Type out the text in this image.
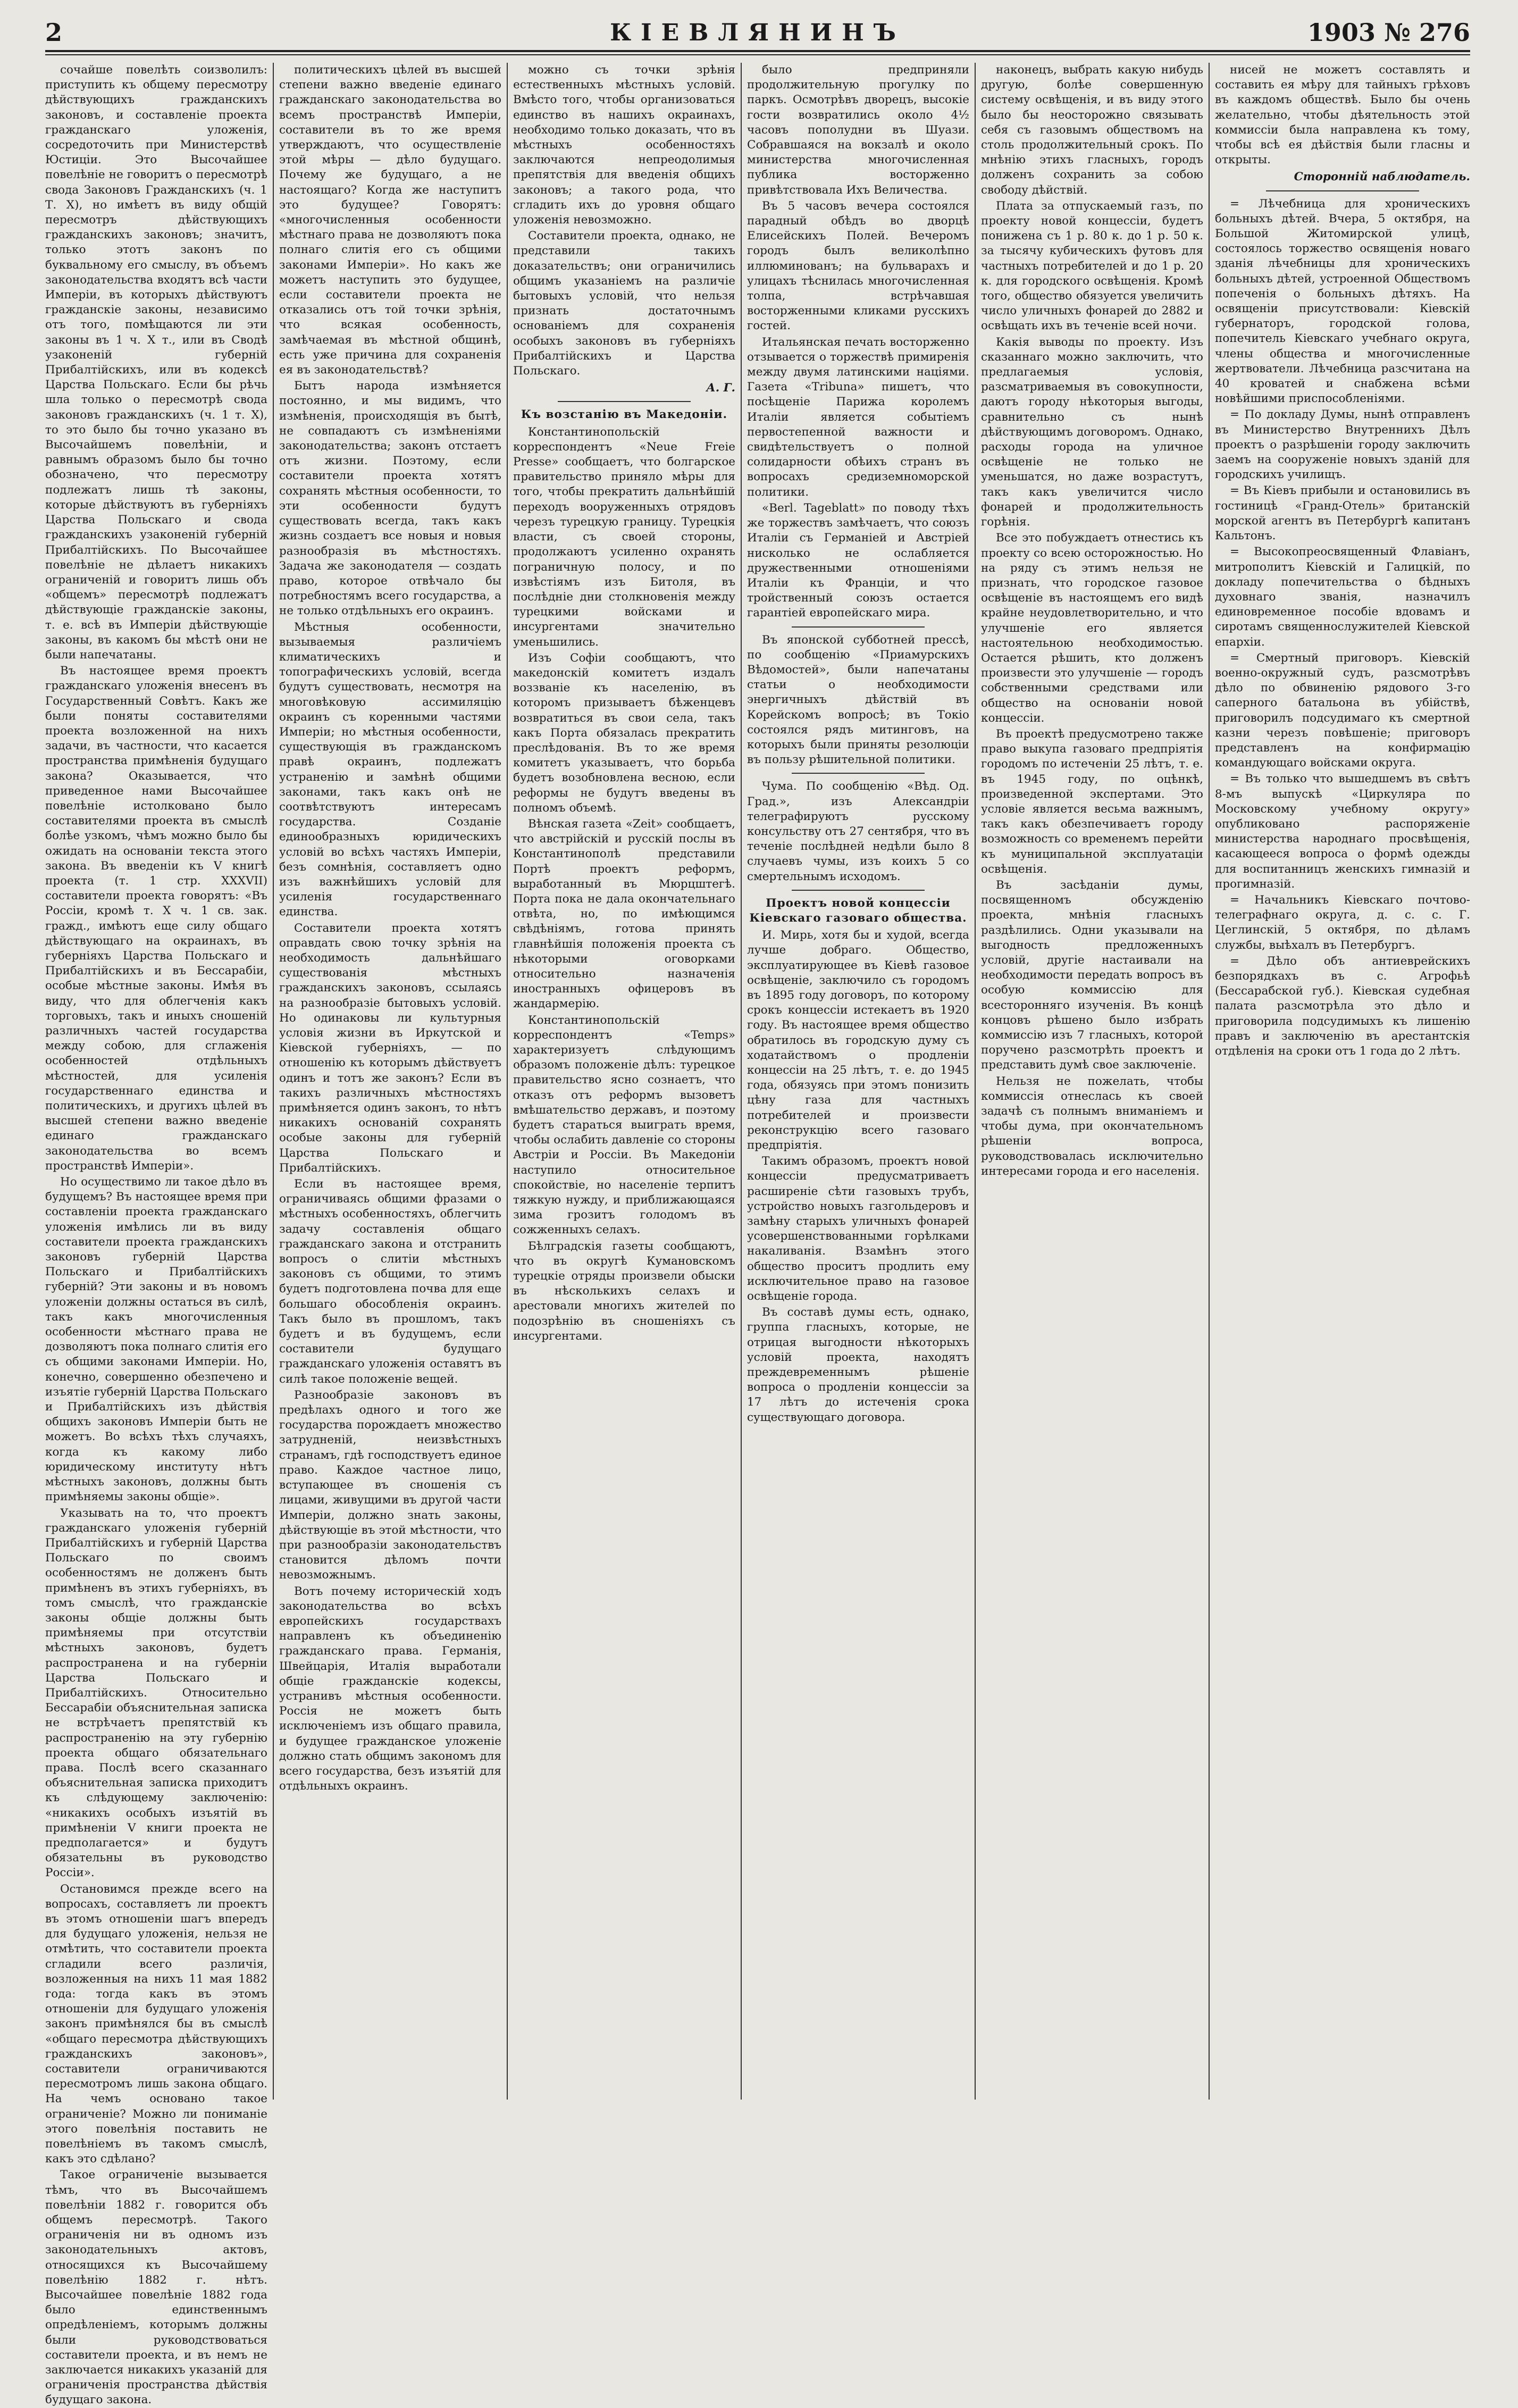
2	КІЕВЛЯНИНЪ	1903 № 276

сочайше повелѣть соизволилъ: приступить къ общему пересмотру дѣйствующихъ гражданскихъ законовъ, и составленіе проекта гражданскаго уложенія, сосредоточить при Министерствѣ Юстиціи. Это Высочайшее повелѣніе не говоритъ о пересмотрѣ свода Законовъ Гражданскихъ (ч. 1 Т. X), но имѣетъ въ виду общій пересмотръ дѣйствующихъ гражданскихъ законовъ; значитъ, только этотъ законъ по буквальному его смыслу, въ объемъ законодательства входятъ всѣ части Имперіи, въ которыхъ дѣйствуютъ гражданскіе законы, независимо отъ того, помѣщаются ли эти законы въ 1 ч. X т., или въ Сводѣ узаконеній губерній Прибалтійскихъ, или въ кодексѣ Царства Польскаго. Если бы рѣчь шла только о пересмотрѣ свода законовъ гражданскихъ (ч. 1 т. X), то это было бы точно указано въ Высочайшемъ повелѣніи, и равнымъ образомъ было бы точно обозначено, что пересмотру подлежатъ лишь тѣ законы, которые дѣйствуютъ въ губерніяхъ Царства Польскаго и свода гражданскихъ узаконеній губерній Прибалтійскихъ. По Высочайшее повелѣніе не дѣлаетъ никакихъ ограниченій и говоритъ лишь объ «общемъ» пересмотрѣ подлежатъ дѣйствующіе гражданскіе законы, т. е. всѣ въ Имперіи дѣйствующіе законы, въ какомъ бы мѣстѣ они не были напечатаны.

Въ настоящее время проектъ гражданскаго уложенія внесенъ въ Государственный Совѣтъ. Какъ же были поняты составителями проекта возложенной на нихъ задачи, въ частности, что касается пространства примѣненія будущаго закона? Оказывается, что приведенное нами Высочайшее повелѣніе истолковано было составителями проекта въ смыслѣ болѣе узкомъ, чѣмъ можно было бы ожидать на основаніи текста этого закона. Въ введеніи къ V книгѣ проекта (т. 1 стр. XXXVII) составители проекта говорятъ: «Въ Россіи, кромѣ т. X ч. 1 св. зак. гражд., имѣютъ еще силу общаго дѣйствующаго на окраинахъ, въ губерніяхъ Царства Польскаго и Прибалтійскихъ и въ Бессарабіи, особые мѣстные законы. Имѣя въ виду, что для облегченія какъ торговыхъ, такъ и иныхъ сношеній различныхъ частей государства между собою, для сглаженія особенностей отдѣльныхъ мѣстностей, для усиленія государственнаго единства и политическихъ, и другихъ цѣлей въ высшей степени важно введеніе единаго гражданскаго законодательства во всемъ пространствѣ Имперіи».

Но осуществимо ли такое дѣло въ будущемъ? Въ настоящее время при составленіи проекта гражданскаго уложенія имѣлись ли въ виду составители проекта гражданскихъ законовъ губерній Царства Польскаго и Прибалтійскихъ губерній? Эти законы и въ новомъ уложеніи должны остаться въ силѣ, такъ какъ многочисленныя особенности мѣстнаго права не дозволяютъ пока полнаго слитія его съ общими законами Имперіи. Но, конечно, совершенно обезпечено и изъятіе губерній Царства Польскаго и Прибалтійскихъ изъ дѣйствія общихъ законовъ Имперіи быть не можетъ. Во всѣхъ тѣхъ случаяхъ, когда къ какому либо юридическому институту нѣтъ мѣстныхъ законовъ, должны быть примѣняемы законы общіе».

Указывать на то, что проектъ гражданскаго уложенія губерній Прибалтійскихъ и губерній Царства Польскаго по своимъ особенностямъ не долженъ быть примѣненъ въ этихъ губерніяхъ, въ томъ смыслѣ, что гражданскіе законы общіе должны быть примѣняемы при отсутствіи мѣстныхъ законовъ, будетъ распространена и на губерніи Царства Польскаго и Прибалтійскихъ. Относительно Бессарабіи объяснительная записка не встрѣчаетъ препятствій къ распространенію на эту губернію проекта общаго обязательнаго права. Послѣ всего сказаннаго объяснительная записка приходитъ къ слѣдующему заключенію: «никакихъ особыхъ изъятій въ примѣненіи V книги проекта не предполагается» и будутъ обязательны въ руководство Россіи».

Остановимся прежде всего на вопросахъ, составляетъ ли проектъ въ этомъ отношеніи шагъ впередъ для будущаго уложенія, нельзя не отмѣтить, что составители проекта сгладили всего различія, возложенныя на нихъ 11 мая 1882 года: тогда какъ въ этомъ отношеніи для будущаго уложенія законъ примѣнялся бы въ смыслѣ «общаго пересмотра дѣйствующихъ гражданскихъ законовъ», составители ограничиваются пересмотромъ лишь закона общаго. На чемъ основано такое ограниченіе? Можно ли пониманіе этого повелѣнія поставить не повелѣніемъ въ такомъ смыслѣ, какъ это сдѣлано?

Такое ограниченіе вызывается тѣмъ, что въ Высочайшемъ повелѣніи 1882 г. говорится объ общемъ пересмотрѣ. Такого ограниченія ни въ одномъ изъ законодательныхъ актовъ, относящихся къ Высочайшему повелѣнію 1882 г. нѣтъ. Высочайшее повелѣніе 1882 года было единственнымъ опредѣленіемъ, которымъ должны были руководствоваться составители проекта, и въ немъ не заключается никакихъ указаній для ограниченія пространства дѣйствія будущаго закона.

политическихъ цѣлей въ высшей степени важно введеніе единаго гражданскаго законодательства во всемъ пространствѣ Имперіи, составители въ то же время утверждаютъ, что осуществленіе этой мѣры — дѣло будущаго. Почему же будущаго, а не настоящаго? Когда же наступитъ это будущее? Говорятъ: «многочисленныя особенности мѣстнаго права не дозволяютъ пока полнаго слитія его съ общими законами Имперіи». Но какъ же можетъ наступить это будущее, если составители проекта не отказались отъ той точки зрѣнія, что всякая особенность, замѣчаемая въ мѣстной общинѣ, есть уже причина для сохраненія ея въ законодательствѣ?

Бытъ народа измѣняется постоянно, и мы видимъ, что измѣненія, происходящія въ бытѣ, не совпадаютъ съ измѣненіями законодательства; законъ отстаетъ отъ жизни. Поэтому, если составители проекта хотятъ сохранять мѣстныя особенности, то эти особенности будутъ существовать всегда, такъ какъ жизнь создаетъ все новыя и новыя разнообразія въ мѣстностяхъ. Задача же законодателя — создать право, которое отвѣчало бы потребностямъ всего государства, а не только отдѣльныхъ его окраинъ.

Мѣстныя особенности, вызываемыя различіемъ климатическихъ и топографическихъ условій, всегда будутъ существовать, несмотря на многовѣковую ассимиляцію окраинъ съ коренными частями Имперіи; но мѣстныя особенности, существующія въ гражданскомъ правѣ окраинъ, подлежатъ устраненію и замѣнѣ общими законами, такъ какъ онѣ не соотвѣтствуютъ интересамъ государства. Созданіе единообразныхъ юридическихъ условій во всѣхъ частяхъ Имперіи, безъ сомнѣнія, составляетъ одно изъ важнѣйшихъ условій для усиленія государственнаго единства.

Составители проекта хотятъ оправдать свою точку зрѣнія на необходимость дальнѣйшаго существованія мѣстныхъ гражданскихъ законовъ, ссылаясь на разнообразіе бытовыхъ условій. Но одинаковы ли культурныя условія жизни въ Иркутской и Кіевской губерніяхъ, — по отношенію къ которымъ дѣйствуетъ одинъ и тотъ же законъ? Если въ такихъ различныхъ мѣстностяхъ примѣняется одинъ законъ, то нѣтъ никакихъ основаній сохранять особые законы для губерній Царства Польскаго и Прибалтійскихъ.

Если въ настоящее время, ограничиваясь общими фразами о мѣстныхъ особенностяхъ, облегчить задачу составленія общаго гражданскаго закона и отстранить вопросъ о слитіи мѣстныхъ законовъ съ общими, то этимъ будетъ подготовлена почва для еще большаго обособленія окраинъ. Такъ было въ прошломъ, такъ будетъ и въ будущемъ, если составители будущаго гражданскаго уложенія оставятъ въ силѣ такое положеніе вещей.

Разнообразіе законовъ въ предѣлахъ одного и того же государства порождаетъ множество затрудненій, неизвѣстныхъ странамъ, гдѣ господствуетъ единое право. Каждое частное лицо, вступающее въ сношенія съ лицами, живущими въ другой части Имперіи, должно знать законы, дѣйствующіе въ этой мѣстности, что при разнообразіи законодательствъ становится дѣломъ почти невозможнымъ.

Вотъ почему историческій ходъ законодательства во всѣхъ европейскихъ государствахъ направленъ къ объединенію гражданскаго права. Германія, Швейцарія, Италія выработали общіе гражданскіе кодексы, устранивъ мѣстныя особенности. Россія не можетъ быть исключеніемъ изъ общаго правила, и будущее гражданское уложеніе должно стать общимъ закономъ для всего государства, безъ изъятій для отдѣльныхъ окраинъ.

можно съ точки зрѣнія естественныхъ мѣстныхъ условій. Вмѣсто того, чтобы организоваться единство въ нашихъ окраинахъ, необходимо только доказать, что въ мѣстныхъ особенностяхъ заключаются непреодолимыя препятствія для введенія общихъ законовъ; а такого рода, что сгладить ихъ до уровня общаго уложенія невозможно.

Составители проекта, однако, не представили такихъ доказательствъ; они ограничились общимъ указаніемъ на различіе бытовыхъ условій, что нельзя признать достаточнымъ основаніемъ для сохраненія особыхъ законовъ въ губерніяхъ Прибалтійскихъ и Царства Польскаго.

А. Г.

Къ возстанію въ Македоніи.

Константинопольскій корреспондентъ «Neue Freie Presse» сообщаетъ, что болгарское правительство приняло мѣры для того, чтобы прекратить дальнѣйшій переходъ вооруженныхъ отрядовъ черезъ турецкую границу. Турецкія власти, съ своей стороны, продолжаютъ усиленно охранять пограничную полосу, и по извѣстіямъ изъ Битоля, въ послѣдніе дни столкновенія между турецкими войсками и инсургентами значительно уменьшились.

Изъ Софіи сообщаютъ, что македонскій комитетъ издалъ воззваніе къ населенію, въ которомъ призываетъ бѣженцевъ возвратиться въ свои села, такъ какъ Порта обязалась прекратить преслѣдованія. Въ то же время комитетъ указываетъ, что борьба будетъ возобновлена весною, если реформы не будутъ введены въ полномъ объемѣ.

Вѣнская газета «Zeit» сообщаетъ, что австрійскій и русскій послы въ Константинополѣ представили Портѣ проектъ реформъ, выработанный въ Мюрцштегѣ. Порта пока не дала окончательнаго отвѣта, но, по имѣющимся свѣдѣніямъ, готова принять главнѣйшія положенія проекта съ нѣкоторыми оговорками относительно назначенія иностранныхъ офицеровъ въ жандармерію.

Константинопольскій корреспондентъ «Temps» характеризуетъ слѣдующимъ образомъ положеніе дѣлъ: турецкое правительство ясно сознаетъ, что отказъ отъ реформъ вызоветъ вмѣшательство державъ, и поэтому будетъ стараться выиграть время, чтобы ослабить давленіе со стороны Австріи и Россіи. Въ Македоніи наступило относительное спокойствіе, но населеніе терпитъ тяжкую нужду, и приближающаяся зима грозитъ голодомъ въ сожженныхъ селахъ.

Бѣлградскія газеты сообщаютъ, что въ округѣ Кумановскомъ турецкіе отряды произвели обыски въ нѣсколькихъ селахъ и арестовали многихъ жителей по подозрѣнію въ сношеніяхъ съ инсургентами.

было предприняли продолжительную прогулку по паркъ. Осмотрѣвъ дворецъ, высокіе гости возвратились около 4½ часовъ пополудни въ Шуази. Собравшаяся на вокзалѣ и около министерства многочисленная публика восторженно привѣтствовала Ихъ Величества.

Въ 5 часовъ вечера состоялся парадный обѣдъ во дворцѣ Елисейскихъ Полей. Вечеромъ городъ былъ великолѣпно иллюминованъ; на бульварахъ и улицахъ тѣснилась многочисленная толпа, встрѣчавшая восторженными кликами русскихъ гостей.

Итальянская печать восторженно отзывается о торжествѣ примиренія между двумя латинскими націями. Газета «Tribuna» пишетъ, что посѣщеніе Парижа королемъ Италіи является событіемъ первостепенной важности и свидѣтельствуетъ о полной солидарности обѣихъ странъ въ вопросахъ средиземноморской политики.

«Berl. Tageblatt» по поводу тѣхъ же торжествъ замѣчаетъ, что союзъ Италіи съ Германіей и Австріей нисколько не ослабляется дружественными отношеніями Италіи къ Франціи, и что тройственный союзъ остается гарантіей европейскаго мира.

Въ японской субботней прессѣ, по сообщенію «Приамурскихъ Вѣдомостей», были напечатаны статьи о необходимости энергичныхъ дѣйствій въ Корейскомъ вопросѣ; въ Токіо состоялся рядъ митинговъ, на которыхъ были приняты резолюціи въ пользу рѣшительной политики.

Чума. По сообщенію «Вѣд. Од. Град.», изъ Александріи телеграфируютъ русскому консульству отъ 27 сентября, что въ теченіе послѣдней недѣли было 8 случаевъ чумы, изъ коихъ 5 со смертельнымъ исходомъ.

Проектъ новой концессіи Кіевскаго газоваго общества.

И. Мирь, хотя бы и худой, всегда лучше добраго. Общество, эксплуатирующее въ Кіевѣ газовое освѣщеніе, заключило съ городомъ въ 1895 году договоръ, по которому срокъ концессіи истекаетъ въ 1920 году. Въ настоящее время общество обратилось въ городскую думу съ ходатайствомъ о продленіи концессіи на 25 лѣтъ, т. е. до 1945 года, обязуясь при этомъ понизить цѣну газа для частныхъ потребителей и произвести реконструкцію всего газоваго предпріятія.

Такимъ образомъ, проектъ новой концессіи предусматриваетъ расширеніе сѣти газовыхъ трубъ, устройство новыхъ газгольдеровъ и замѣну старыхъ уличныхъ фонарей усовершенствованными горѣлками накаливанія. Взамѣнъ этого общество проситъ продлить ему исключительное право на газовое освѣщеніе города.

Въ составѣ думы есть, однако, группа гласныхъ, которые, не отрицая выгодности нѣкоторыхъ условій проекта, находятъ преждевременнымъ рѣшеніе вопроса о продленіи концессіи за 17 лѣтъ до истеченія срока существующаго договора.

наконецъ, выбрать какую нибудь другую, болѣе совершенную систему освѣщенія, и въ виду этого было бы неосторожно связывать себя съ газовымъ обществомъ на столь продолжительный срокъ. По мнѣнію этихъ гласныхъ, городъ долженъ сохранить за собою свободу дѣйствій.

Плата за отпускаемый газъ, по проекту новой концессіи, будетъ понижена съ 1 р. 80 к. до 1 р. 50 к. за тысячу кубическихъ футовъ для частныхъ потребителей и до 1 р. 20 к. для городского освѣщенія. Кромѣ того, общество обязуется увеличить число уличныхъ фонарей до 2882 и освѣщать ихъ въ теченіе всей ночи.

Какія выводы по проекту. Изъ сказаннаго можно заключить, что предлагаемыя условія, разсматриваемыя въ совокупности, даютъ городу нѣкоторыя выгоды, сравнительно съ нынѣ дѣйствующимъ договоромъ. Однако, расходы города на уличное освѣщеніе не только не уменьшатся, но даже возрастутъ, такъ какъ увеличится число фонарей и продолжительность горѣнія.

Все это побуждаетъ отнестись къ проекту со всею осторожностью. Но на ряду съ этимъ нельзя не признать, что городское газовое освѣщеніе въ настоящемъ его видѣ крайне неудовлетворительно, и что улучшеніе его является настоятельною необходимостью. Остается рѣшить, кто долженъ произвести это улучшеніе — городъ собственными средствами или общество на основаніи новой концессіи.

Въ проектѣ предусмотрено также право выкупа газоваго предпріятія городомъ по истеченіи 25 лѣтъ, т. е. въ 1945 году, по оцѣнкѣ, произведенной экспертами. Это условіе является весьма важнымъ, такъ какъ обезпечиваетъ городу возможность со временемъ перейти къ муниципальной эксплуатаціи освѣщенія.

Въ засѣданіи думы, посвященномъ обсужденію проекта, мнѣнія гласныхъ раздѣлились. Одни указывали на выгодность предложенныхъ условій, другіе настаивали на необходимости передать вопросъ въ особую коммиссію для всесторонняго изученія. Въ концѣ концовъ рѣшено было избрать коммиссію изъ 7 гласныхъ, которой поручено разсмотрѣть проектъ и представить думѣ свое заключеніе.

Нельзя не пожелать, чтобы коммиссія отнеслась къ своей задачѣ съ полнымъ вниманіемъ и чтобы дума, при окончательномъ рѣшеніи вопроса, руководствовалась исключительно интересами города и его населенія.

нисей не можетъ составлять и составить ея мѣру для тайныхъ грѣховъ въ каждомъ обществѣ. Было бы очень желательно, чтобы дѣятельность этой коммиссіи была направлена къ тому, чтобы всѣ ея дѣйствія были гласны и открыты.

Сторонній наблюдатель.

= Лѣчебница для хроническихъ больныхъ дѣтей. Вчера, 5 октября, на Большой Житомирской улицѣ, состоялось торжество освященія новаго зданія лѣчебницы для хроническихъ больныхъ дѣтей, устроенной Обществомъ попеченія о больныхъ дѣтяхъ. На освященіи присутствовали: Кіевскій губернаторъ, городской голова, попечитель Кіевскаго учебнаго округа, члены общества и многочисленные жертвователи. Лѣчебница разсчитана на 40 кроватей и снабжена всѣми новѣйшими приспособленіями.

= По докладу Думы, нынѣ отправленъ въ Министерство Внутреннихъ Дѣлъ проектъ о разрѣшеніи городу заключить заемъ на сооруженіе новыхъ зданій для городскихъ училищъ.

= Въ Кіевъ прибыли и остановились въ гостиницѣ «Гранд-Отель» британскій морской агентъ въ Петербургѣ капитанъ Кальтонъ.

= Высокопреосвященный Флавіанъ, митрополитъ Кіевскій и Галицкій, по докладу попечительства о бѣдныхъ духовнаго званія, назначилъ единовременное пособіе вдовамъ и сиротамъ священнослужителей Кіевской епархіи.

= Смертный приговоръ. Кіевскій военно-окружный судъ, разсмотрѣвъ дѣло по обвиненію рядового 3-го саперного батальона въ убійствѣ, приговорилъ подсудимаго къ смертной казни черезъ повѣшеніе; приговоръ представленъ на конфирмацію командующаго войсками округа.

= Въ только что вышедшемъ въ свѣтъ 8-мъ выпускѣ «Циркуляра по Московскому учебному округу» опубликовано распоряженіе министерства народнаго просвѣщенія, касающееся вопроса о формѣ одежды для воспитанницъ женскихъ гимназій и прогимназій.

= Начальникъ Кіевскаго почтово-телеграфнаго округа, д. с. с. Г. Цеглинскій, 5 октября, по дѣламъ службы, выѣхалъ въ Петербургъ.

= Дѣло объ антиеврейскихъ безпорядкахъ въ с. Агрофьѣ (Бессарабской губ.). Кіевская судебная палата разсмотрѣла это дѣло и приговорила подсудимыхъ къ лишенію правъ и заключенію въ арестантскія отдѣленія на сроки отъ 1 года до 2 лѣтъ.
